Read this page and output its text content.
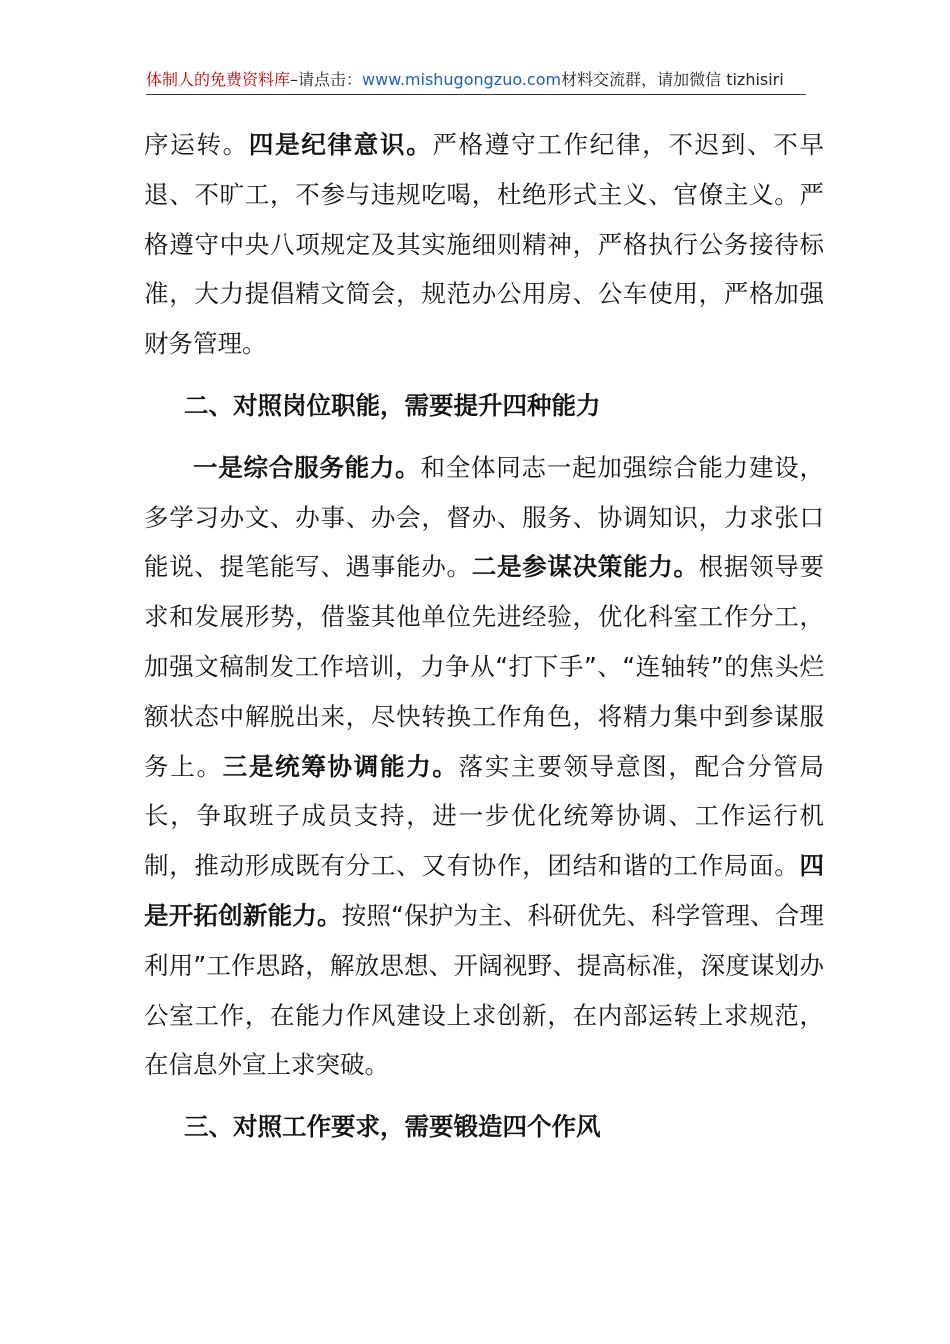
体制人的免费资料库–请点击：www.mishugongzuo.com材料交流群，请加微信 tizhisiri

序运转。四是纪律意识。严格遵守工作纪律，不迟到、不早退、不旷工，不参与违规吃喝，杜绝形式主义、官僚主义。严格遵守中央八项规定及其实施细则精神，严格执行公务接待标准，大力提倡精文简会，规范办公用房、公车使用，严格加强财务管理。

二、对照岗位职能，需要提升四种能力

一是综合服务能力。和全体同志一起加强综合能力建设，多学习办文、办事、办会，督办、服务、协调知识，力求张口能说、提笔能写、遇事能办。二是参谋决策能力。根据领导要求和发展形势，借鉴其他单位先进经验，优化科室工作分工，加强文稿制发工作培训，力争从“打下手”、“连轴转”的焦头烂额状态中解脱出来，尽快转换工作角色，将精力集中到参谋服务上。三是统筹协调能力。落实主要领导意图，配合分管局长，争取班子成员支持，进一步优化统筹协调、工作运行机制，推动形成既有分工、又有协作，团结和谐的工作局面。四是开拓创新能力。按照“保护为主、科研优先、科学管理、合理利用”工作思路，解放思想、开阔视野、提高标准，深度谋划办公室工作，在能力作风建设上求创新，在内部运转上求规范，在信息外宣上求突破。

三、对照工作要求，需要锻造四个作风
